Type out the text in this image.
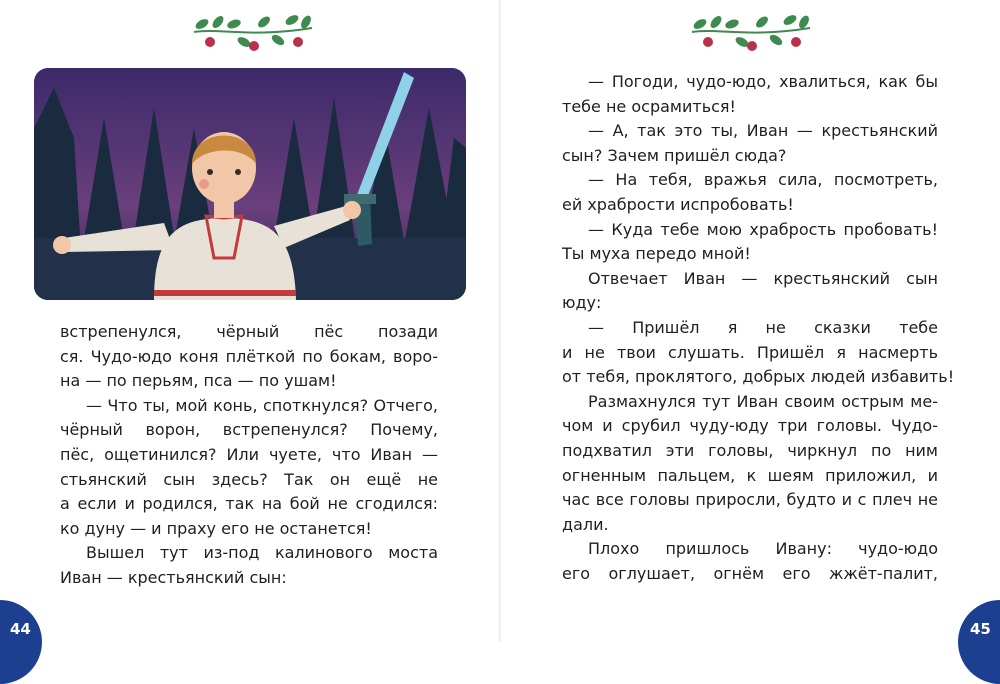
встрепенулся, чёрный пёс позади
ся. Чудо-юдо коня плёткой по бокам, воро-
на — по перьям, пса — по ушам!

— Что ты, мой конь, споткнулся? Отчего,
чёрный ворон, встрепенулся? Почему,
пёс, ощетинился? Или чуете, что Иван —
стьянский сын здесь? Так он ещё не
а если и родился, так на бой не сгодился:
ко дуну — и праху его не останется!

Вышел тут из-под калинового моста
Иван — крестьянский сын:

44

— Погоди, чудо-юдо, хвалиться, как бы
тебе не осрамиться!

— А, так это ты, Иван — крестьянский
сын? Зачем пришёл сюда?

— На тебя, вражья сила, посмотреть,
ей храбрости испробовать!

— Куда тебе мою храбрость пробовать!
Ты муха передо мной!

Отвечает Иван — крестьянский сын
юду:

— Пришёл я не сказки тебе
и не твои слушать. Пришёл я насмерть
от тебя, проклятого, добрых людей избавить!

Размахнулся тут Иван своим острым ме-
чом и срубил чуду-юду три головы. Чудо-
подхватил эти головы, чиркнул по ним
огненным пальцем, к шеям приложил, и
час все головы приросли, будто и с плеч не
дали.

Плохо пришлось Ивану: чудо-юдо
его оглушает, огнём его жжёт-палит,

45
